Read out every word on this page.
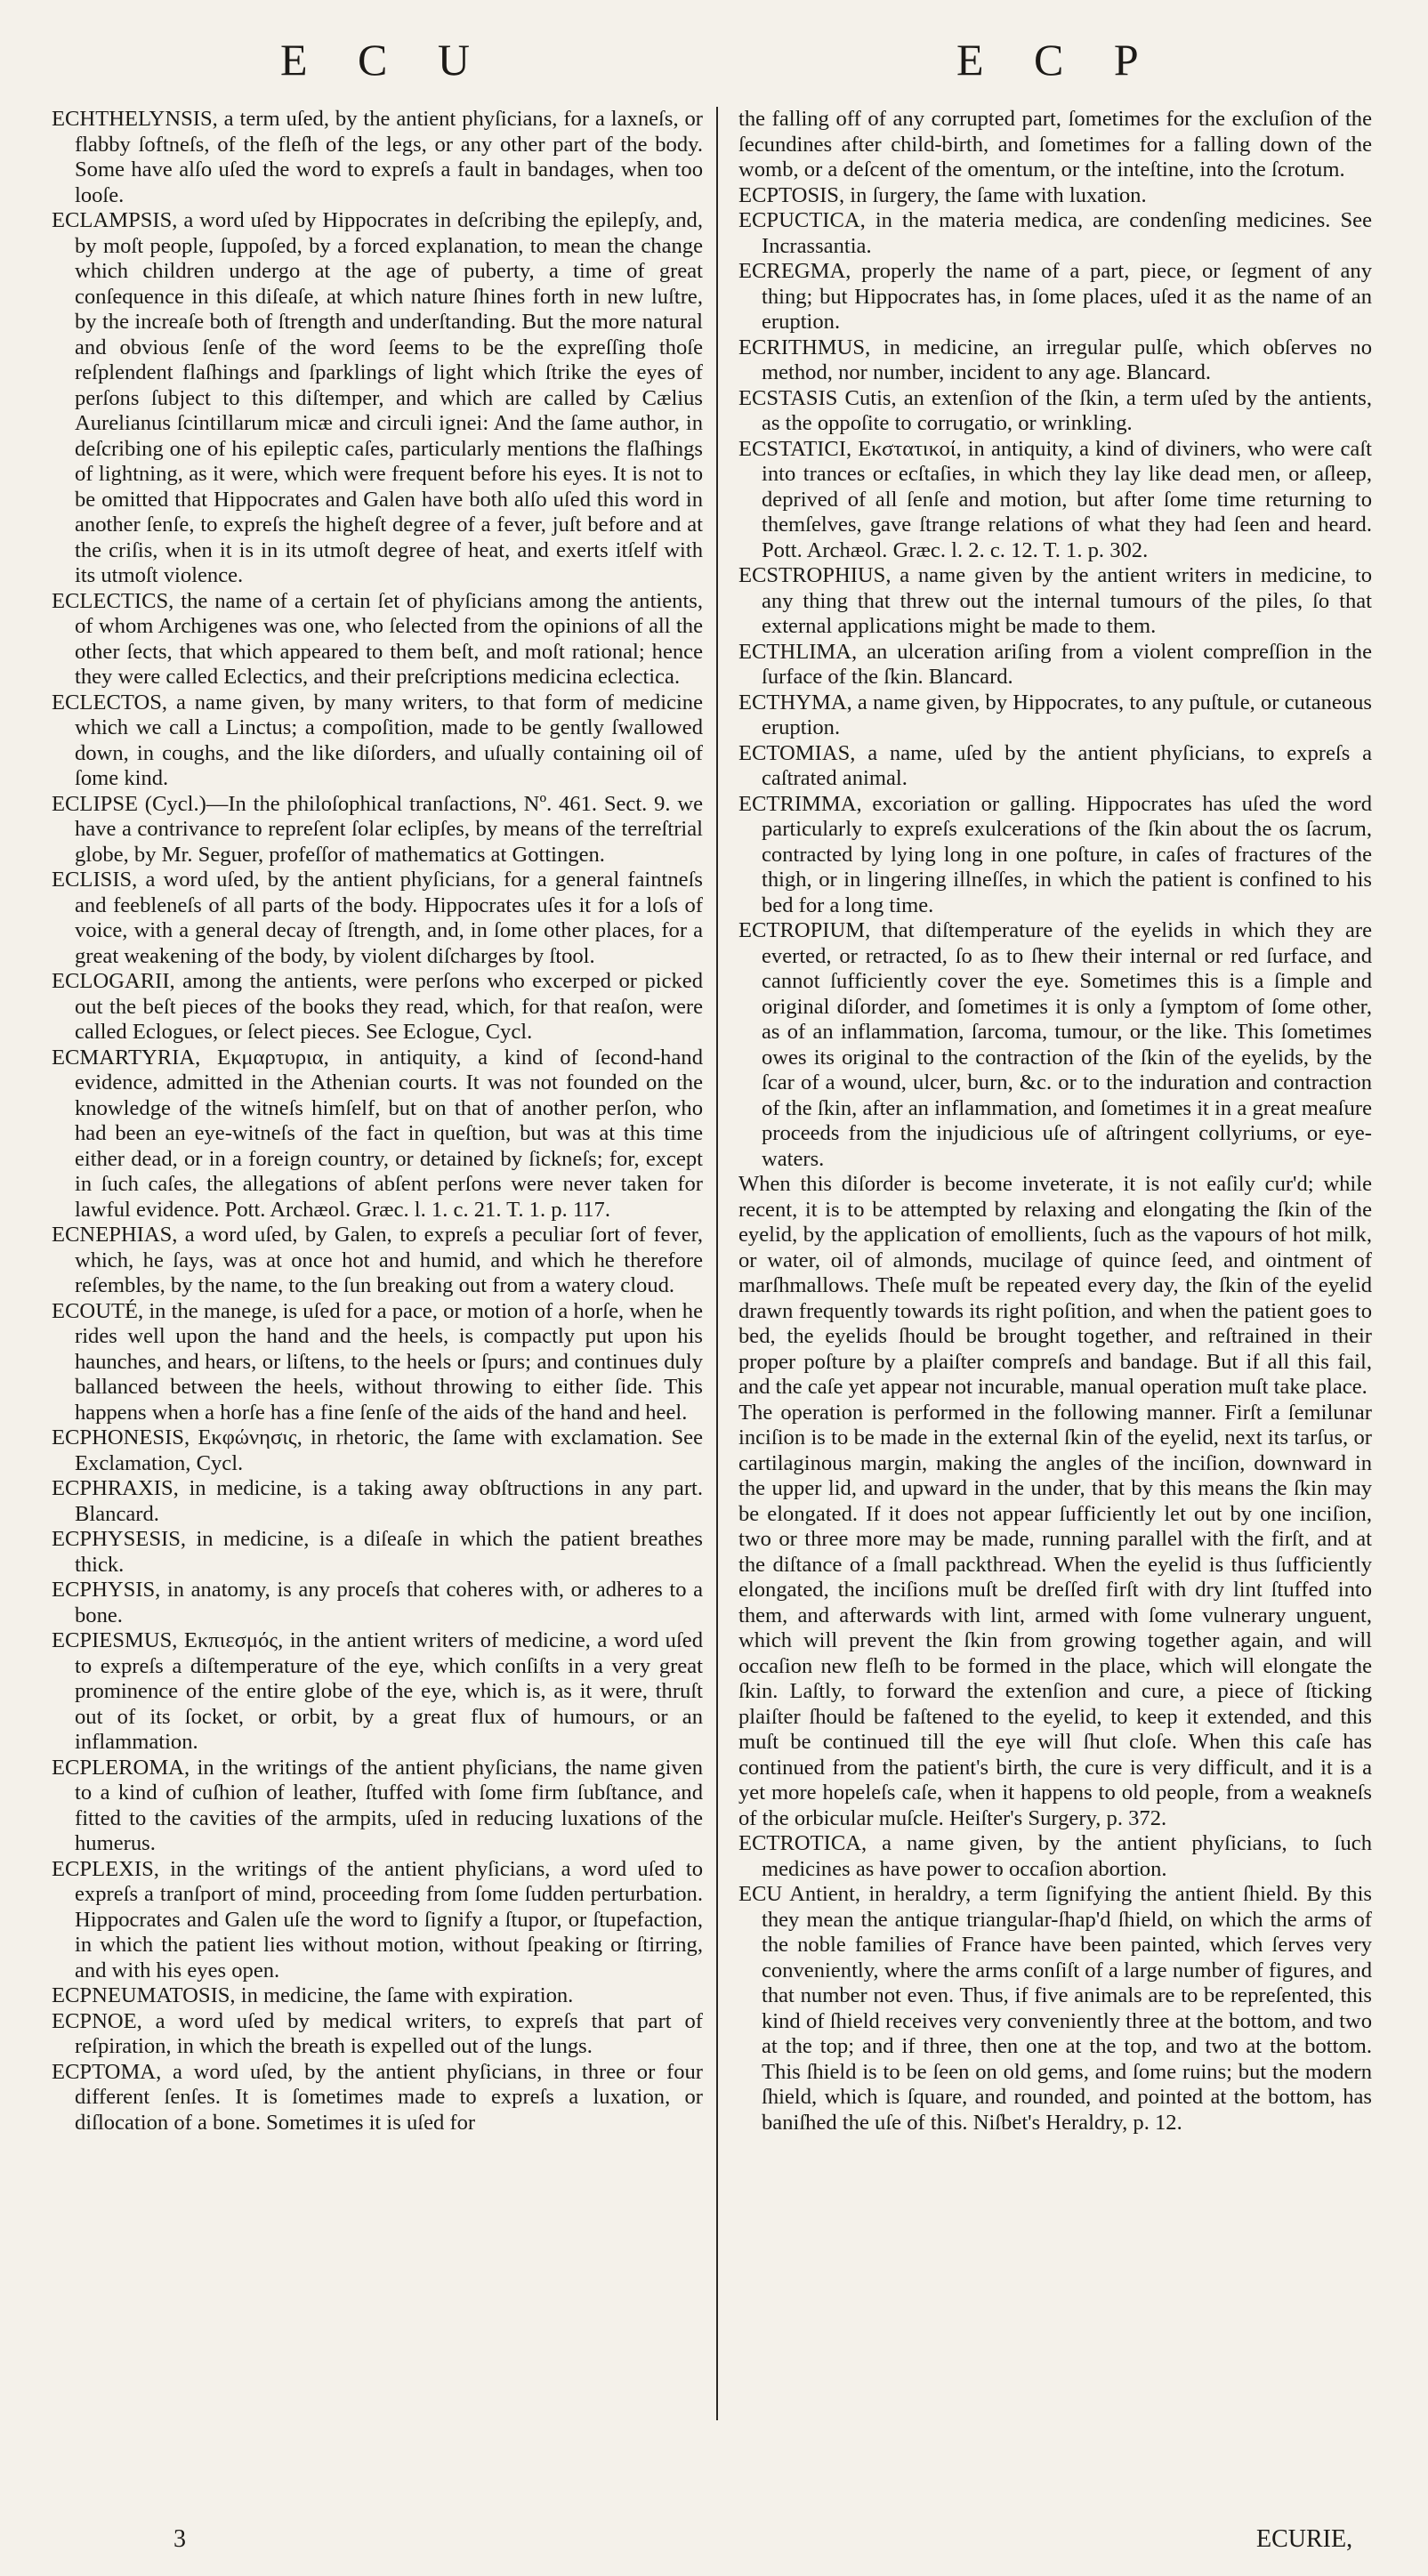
E C U	E C P

ECHTHELYNSIS, a term uſed, by the antient phyſicians, for a laxneſs, or flabby ſoftneſs, of the fleſh of the legs, or any other part of the body. Some have alſo uſed the word to expreſs a fault in bandages, when too looſe.

ECLAMPSIS, a word uſed by Hippocrates in deſcribing the epilepſy, and, by moſt people, ſuppoſed, by a forced explanation, to mean the change which children undergo at the age of puberty, a time of great conſequence in this diſeaſe, at which nature ſhines forth in new luſtre, by the increaſe both of ſtrength and underſtanding. But the more natural and obvious ſenſe of the word ſeems to be the expreſſing thoſe reſplendent flaſhings and ſparklings of light which ſtrike the eyes of perſons ſubject to this diſtemper, and which are called by Cælius Aurelianus ſcintillarum micæ and circuli ignei: And the ſame author, in deſcribing one of his epileptic caſes, particularly mentions the flaſhings of lightning, as it were, which were frequent before his eyes. It is not to be omitted that Hippocrates and Galen have both alſo uſed this word in another ſenſe, to expreſs the higheſt degree of a fever, juſt before and at the criſis, when it is in its utmoſt degree of heat, and exerts itſelf with its utmoſt violence.

ECLECTICS, the name of a certain ſet of phyſicians among the antients, of whom Archigenes was one, who ſelected from the opinions of all the other ſects, that which appeared to them beſt, and moſt rational; hence they were called Eclectics, and their preſcriptions medicina eclectica.

ECLECTOS, a name given, by many writers, to that form of medicine which we call a Linctus; a compoſition, made to be gently ſwallowed down, in coughs, and the like diſorders, and uſually containing oil of ſome kind.

ECLIPSE (Cycl.)—In the philoſophical tranſactions, Nº. 461. Sect. 9. we have a contrivance to repreſent ſolar eclipſes, by means of the terreſtrial globe, by Mr. Seguer, profeſſor of mathematics at Gottingen.

ECLISIS, a word uſed, by the antient phyſicians, for a general faintneſs and feebleneſs of all parts of the body. Hippocrates uſes it for a loſs of voice, with a general decay of ſtrength, and, in ſome other places, for a great weakening of the body, by violent diſcharges by ſtool.

ECLOGARII, among the antients, were perſons who excerped or picked out the beſt pieces of the books they read, which, for that reaſon, were called Eclogues, or ſelect pieces. See Eclogue, Cycl.

ECMARTYRIA, Εκμαρτυρια, in antiquity, a kind of ſecond-hand evidence, admitted in the Athenian courts. It was not founded on the knowledge of the witneſs himſelf, but on that of another perſon, who had been an eye-witneſs of the fact in queſtion, but was at this time either dead, or in a foreign country, or detained by ſickneſs; for, except in ſuch caſes, the allegations of abſent perſons were never taken for lawful evidence. Pott. Archæol. Græc. l. 1. c. 21. T. 1. p. 117.

ECNEPHIAS, a word uſed, by Galen, to expreſs a peculiar ſort of fever, which, he ſays, was at once hot and humid, and which he therefore reſembles, by the name, to the ſun breaking out from a watery cloud.

ECOUTÉ, in the manege, is uſed for a pace, or motion of a horſe, when he rides well upon the hand and the heels, is compactly put upon his haunches, and hears, or liſtens, to the heels or ſpurs; and continues duly ballanced between the heels, without throwing to either ſide. This happens when a horſe has a fine ſenſe of the aids of the hand and heel.

ECPHONESIS, Εκφώνησις, in rhetoric, the ſame with exclamation. See Exclamation, Cycl.

ECPHRAXIS, in medicine, is a taking away obſtructions in any part. Blancard.

ECPHYSESIS, in medicine, is a diſeaſe in which the patient breathes thick.

ECPHYSIS, in anatomy, is any proceſs that coheres with, or adheres to a bone.

ECPIESMUS, Εκπιεσμός, in the antient writers of medicine, a word uſed to expreſs a diſtemperature of the eye, which conſiſts in a very great prominence of the entire globe of the eye, which is, as it were, thruſt out of its ſocket, or orbit, by a great flux of humours, or an inflammation.

ECPLEROMA, in the writings of the antient phyſicians, the name given to a kind of cuſhion of leather, ſtuffed with ſome firm ſubſtance, and fitted to the cavities of the armpits, uſed in reducing luxations of the humerus.

ECPLEXIS, in the writings of the antient phyſicians, a word uſed to expreſs a tranſport of mind, proceeding from ſome ſudden perturbation. Hippocrates and Galen uſe the word to ſignify a ſtupor, or ſtupefaction, in which the patient lies without motion, without ſpeaking or ſtirring, and with his eyes open.

ECPNEUMATOSIS, in medicine, the ſame with expiration.

ECPNOE, a word uſed by medical writers, to expreſs that part of reſpiration, in which the breath is expelled out of the lungs.

ECPTOMA, a word uſed, by the antient phyſicians, in three or four different ſenſes. It is ſometimes made to expreſs a luxation, or diſlocation of a bone. Sometimes it is uſed for

the falling off of any corrupted part, ſometimes for the excluſion of the ſecundines after child-birth, and ſometimes for a falling down of the womb, or a deſcent of the omentum, or the inteſtine, into the ſcrotum.

ECPTOSIS, in ſurgery, the ſame with luxation.

ECPUCTICA, in the materia medica, are condenſing medicines. See Incrassantia.

ECREGMA, properly the name of a part, piece, or ſegment of any thing; but Hippocrates has, in ſome places, uſed it as the name of an eruption.

ECRITHMUS, in medicine, an irregular pulſe, which obſerves no method, nor number, incident to any age. Blancard.

ECSTASIS Cutis, an extenſion of the ſkin, a term uſed by the antients, as the oppoſite to corrugatio, or wrinkling.

ECSTATICI, Εκστατικοί, in antiquity, a kind of diviners, who were caſt into trances or ecſtaſies, in which they lay like dead men, or aſleep, deprived of all ſenſe and motion, but after ſome time returning to themſelves, gave ſtrange relations of what they had ſeen and heard. Pott. Archæol. Græc. l. 2. c. 12. T. 1. p. 302.

ECSTROPHIUS, a name given by the antient writers in medicine, to any thing that threw out the internal tumours of the piles, ſo that external applications might be made to them.

ECTHLIMA, an ulceration ariſing from a violent compreſſion in the ſurface of the ſkin. Blancard.

ECTHYMA, a name given, by Hippocrates, to any puſtule, or cutaneous eruption.

ECTOMIAS, a name, uſed by the antient phyſicians, to expreſs a caſtrated animal.

ECTRIMMA, excoriation or galling. Hippocrates has uſed the word particularly to expreſs exulcerations of the ſkin about the os ſacrum, contracted by lying long in one poſture, in caſes of fractures of the thigh, or in lingering illneſſes, in which the patient is confined to his bed for a long time.

ECTROPIUM, that diſtemperature of the eyelids in which they are everted, or retracted, ſo as to ſhew their internal or red ſurface, and cannot ſufficiently cover the eye. Sometimes this is a ſimple and original diſorder, and ſometimes it is only a ſymptom of ſome other, as of an inflammation, ſarcoma, tumour, or the like. This ſometimes owes its original to the contraction of the ſkin of the eyelids, by the ſcar of a wound, ulcer, burn, &c. or to the induration and contraction of the ſkin, after an inflammation, and ſometimes it in a great meaſure proceeds from the injudicious uſe of aſtringent collyriums, or eye-waters.

When this diſorder is become inveterate, it is not eaſily cur'd; while recent, it is to be attempted by relaxing and elongating the ſkin of the eyelid, by the application of emollients, ſuch as the vapours of hot milk, or water, oil of almonds, mucilage of quince ſeed, and ointment of marſhmallows. Theſe muſt be repeated every day, the ſkin of the eyelid drawn frequently towards its right poſition, and when the patient goes to bed, the eyelids ſhould be brought together, and reſtrained in their proper poſture by a plaiſter compreſs and bandage. But if all this fail, and the caſe yet appear not incurable, manual operation muſt take place.

The operation is performed in the following manner. Firſt a ſemilunar inciſion is to be made in the external ſkin of the eyelid, next its tarſus, or cartilaginous margin, making the angles of the inciſion, downward in the upper lid, and upward in the under, that by this means the ſkin may be elongated. If it does not appear ſufficiently let out by one inciſion, two or three more may be made, running parallel with the firſt, and at the diſtance of a ſmall packthread. When the eyelid is thus ſufficiently elongated, the inciſions muſt be dreſſed firſt with dry lint ſtuffed into them, and afterwards with lint, armed with ſome vulnerary unguent, which will prevent the ſkin from growing together again, and will occaſion new fleſh to be formed in the place, which will elongate the ſkin. Laſtly, to forward the extenſion and cure, a piece of ſticking plaiſter ſhould be faſtened to the eyelid, to keep it extended, and this muſt be continued till the eye will ſhut cloſe. When this caſe has continued from the patient's birth, the cure is very difficult, and it is a yet more hopeleſs caſe, when it happens to old people, from a weakneſs of the orbicular muſcle. Heiſter's Surgery, p. 372.

ECTROTICA, a name given, by the antient phyſicians, to ſuch medicines as have power to occaſion abortion.

ECU Antient, in heraldry, a term ſignifying the antient ſhield. By this they mean the antique triangular-ſhap'd ſhield, on which the arms of the noble families of France have been painted, which ſerves very conveniently, where the arms conſiſt of a large number of figures, and that number not even. Thus, if five animals are to be repreſented, this kind of ſhield receives very conveniently three at the bottom, and two at the top; and if three, then one at the top, and two at the bottom. This ſhield is to be ſeen on old gems, and ſome ruins; but the modern ſhield, which is ſquare, and rounded, and pointed at the bottom, has baniſhed the uſe of this. Niſbet's Heraldry, p. 12.

3	ECURIE,
